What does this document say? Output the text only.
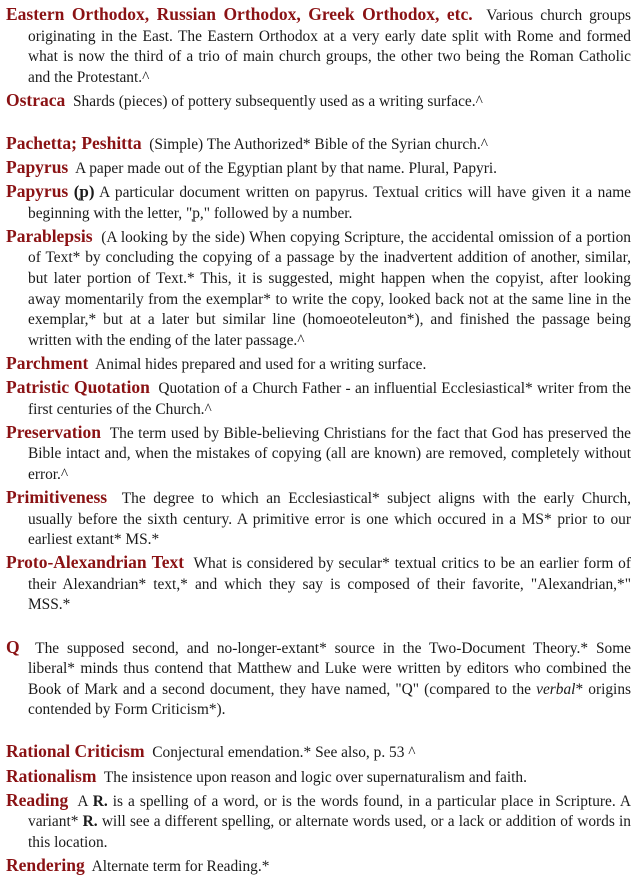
Eastern Orthodox, Russian Orthodox, Greek Orthodox, etc. Various church groups originating in the East. The Eastern Orthodox at a very early date split with Rome and formed what is now the third of a trio of main church groups, the other two being the Roman Catholic and the Protestant.^

Ostraca Shards (pieces) of pottery subsequently used as a writing surface.^

Pachetta; Peshitta (Simple) The Authorized* Bible of the Syrian church.^

Papyrus A paper made out of the Egyptian plant by that name. Plural, Papyri.

Papyrus (̩p) A particular document written on papyrus. Textual critics will have given it a name beginning with the letter, "̩p," followed by a number.

Parablepsis (A looking by the side) When copying Scripture, the accidental omission of a portion of Text* by concluding the copying of a passage by the inadvertent addition of another, similar, but later portion of Text.* This, it is suggested, might happen when the copyist, after looking away momentarily from the exemplar* to write the copy, looked back not at the same line in the exemplar,* but at a later but similar line (homoeoteleuton*), and finished the passage being written with the ending of the later passage.^

Parchment Animal hides prepared and used for a writing surface.

Patristic Quotation Quotation of a Church Father - an influential Ecclesiastical* writer from the first centuries of the Church.^

Preservation The term used by Bible-believing Christians for the fact that God has preserved the Bible intact and, when the mistakes of copying (all are known) are removed, completely without error.^

Primitiveness The degree to which an Ecclesiastical* subject aligns with the early Church, usually before the sixth century. A primitive error is one which occured in a MS* prior to our earliest extant* MS.*

Proto-Alexandrian Text What is considered by secular* textual critics to be an earlier form of their Alexandrian* text,* and which they say is composed of their favorite, "Alexandrian,*" MSS.*

Q The supposed second, and no-longer-extant* source in the Two-Document Theory.* Some liberal* minds thus contend that Matthew and Luke were written by editors who combined the Book of Mark and a second document, they have named, "Q" (compared to the verbal* origins contended by Form Criticism*).

Rational Criticism Conjectural emendation.* See also, p. 53 ^

Rationalism The insistence upon reason and logic over supernaturalism and faith.

Reading A R. is a spelling of a word, or is the words found, in a particular place in Scripture. A variant* R. will see a different spelling, or alternate words used, or a lack or addition of words in this location.

Rendering Alternate term for Reading.*
